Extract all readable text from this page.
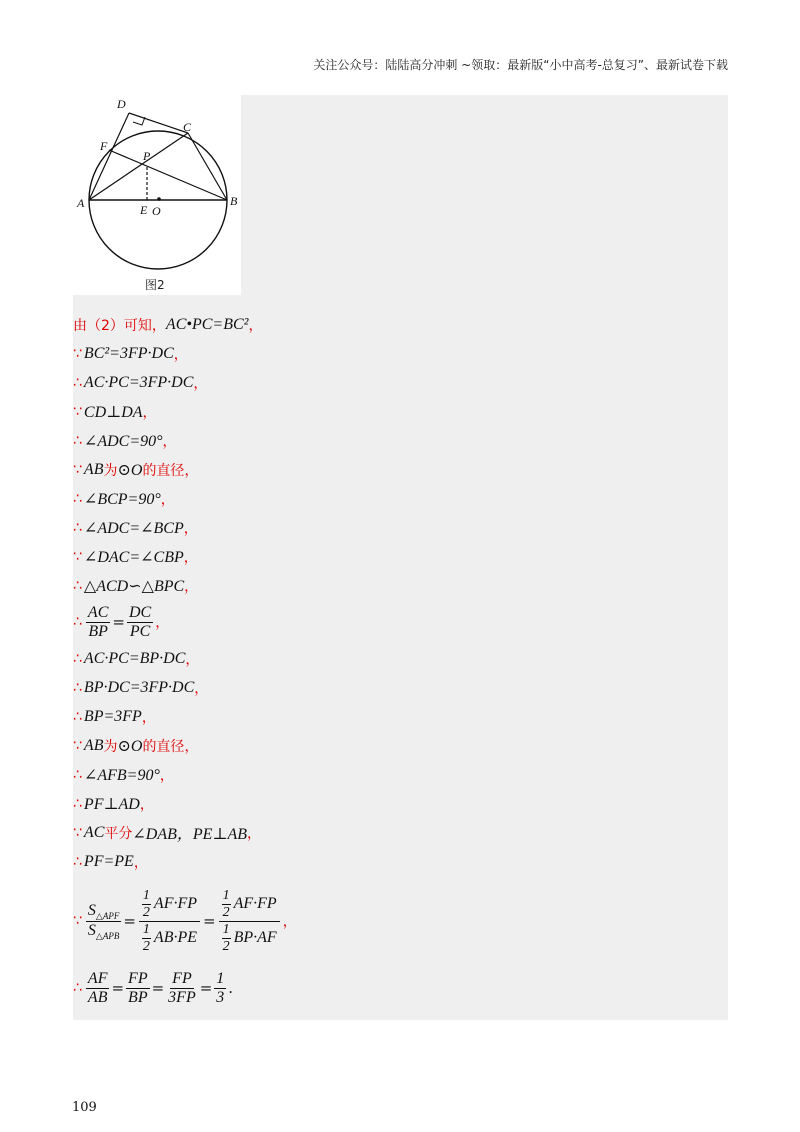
关注公众号：陆陆高分冲刺 ~领取：最新版“小中高考-总复习”、最新试卷下载
D
C
F
P
A	B
E O
图2
由（2）可知， AC•PC=BC² ，
∵ BC²=3FP·DC ，
∴ AC·PC=3FP·DC ，
∵ CD⊥DA ，
∴ ∠ADC=90° ，
∵ AB 为 ⊙O 的直径 ，
∴ ∠BCP=90° ，
∴ ∠ADC=∠BCP ，
∵ ∠DAC=∠CBP ，
∴ △ACD∽△BPC ，
∴ $\frac{AC}{BP} = \frac{DC}{PC}$ ，
∴ AC·PC=BP·DC ，
∴ BP·DC=3FP·DC ，
∴ BP=3FP ，
∵ AB 为 ⊙O 的直径 ，
∴ ∠AFB=90° ，
∴ PF⊥AD ，
∵ AC 平分 ∠DAB，PE⊥AB ，
∴ PF=PE ，
∵ $\frac{S_{\triangle APF}}{S_{\triangle APB}} = 1$
2 AF·FP
1
2 AB·PE = 1
2 AF·FP
1
2 BP·AF ，
∴ $\frac{AF}{AB} = \frac{FP}{BP} = \frac{FP}{3FP} = \frac{1}{3}$ .
109
